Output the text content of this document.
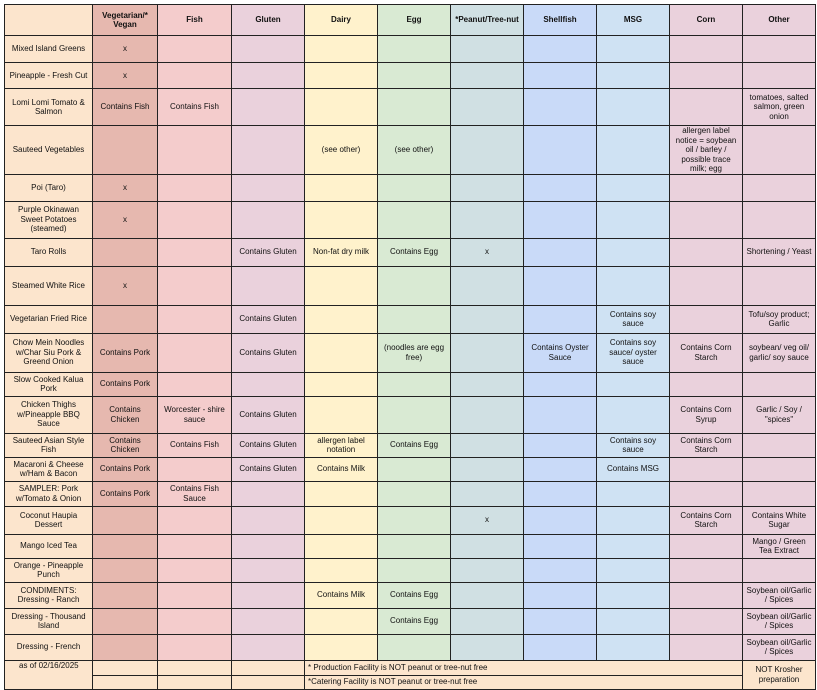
	Vegetarian/* Vegan	Fish	Gluten	Dairy	Egg	*Peanut/Tree-nut	Shellfish	MSG	Corn	Other
Mixed Island Greens	x									
Pineapple - Fresh Cut	x									
Lomi Lomi Tomato & Salmon	Contains Fish	Contains Fish								tomatoes, salted salmon, green onion
Sauteed Vegetables				(see other)	(see other)				allergen label notice = soybean oil / barley / possible trace milk; egg	
Poi (Taro)	x									
Purple Okinawan Sweet Potatoes (steamed)	x									
Taro Rolls			Contains Gluten	Non-fat dry milk	Contains Egg	x				Shortening / Yeast
Steamed White Rice	x									
Vegetarian Fried Rice			Contains Gluten					Contains soy sauce		Tofu/soy product; Garlic
Chow Mein Noodles w/Char Siu Pork & Greend Onion	Contains Pork		Contains Gluten		(noodles are egg free)		Contains Oyster Sauce	Contains soy sauce/ oyster sauce	Contains Corn Starch	soybean/ veg oil/ garlic/ soy sauce
Slow Cooked Kalua Pork	Contains Pork									
Chicken Thighs w/Pineapple BBQ Sauce	Contains Chicken	Worcester - shire sauce	Contains Gluten						Contains Corn Syrup	Garlic / Soy / "spices"
Sauteed Asian Style Fish	Contains Chicken	Contains Fish	Contains Gluten	allergen label notation	Contains Egg			Contains soy sauce	Contains Corn Starch	
Macaroni & Cheese w/Ham & Bacon	Contains Pork		Contains Gluten	Contains Milk				Contains MSG		
SAMPLER: Pork w/Tomato & Onion	Contains Pork	Contains Fish Sauce								
Coconut Haupia Dessert						x			Contains Corn Starch	Contains White Sugar
Mango Iced Tea										Mango / Green Tea Extract
Orange - Pineapple Punch										
CONDIMENTS: Dressing - Ranch				Contains Milk	Contains Egg					Soybean oil/Garlic / Spices
Dressing - Thousand Island					Contains Egg					Soybean oil/Garlic / Spices
Dressing - French										Soybean oil/Garlic / Spices
as of 02/16/2025				* Production Facility is NOT peanut or tree-nut free						NOT Krosher preparation
				*Catering Facility is NOT peanut or tree-nut free						
